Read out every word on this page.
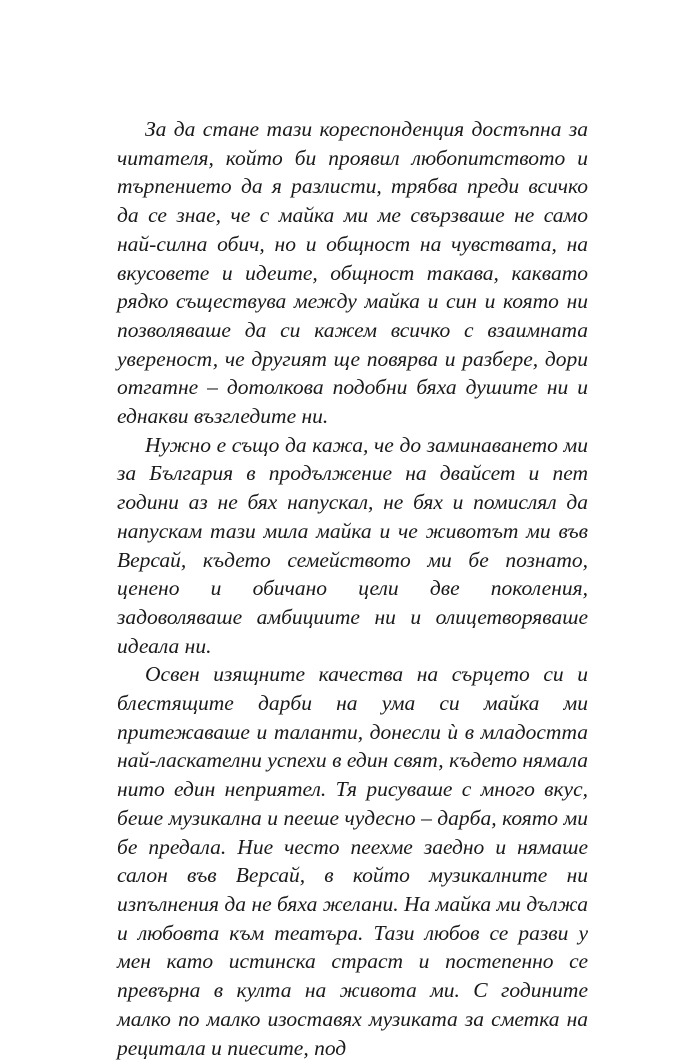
За да стане тази кореспонденция достъпна за читателя, който би проявил любопитството и търпението да я разлисти, трябва преди всичко да се знае, че с майка ми ме свързваше не само най-силна обич, но и общност на чувствата, на вкусовете и идеите, общност такава, каквато рядко съществува между майка и син и която ни позволяваше да си кажем всичко с взаимната увереност, че другият ще повярва и разбере, дори отгатне – дотолкова подобни бяха душите ни и еднакви възгледите ни.

Нужно е също да кажа, че до заминаването ми за България в продължение на двайсет и пет години аз не бях напускал, не бях и помислял да напускам тази мила майка и че животът ми във Версай, където семейството ми бе познато, ценено и обичано цели две поколения, задоволяваше амбициите ни и олицетворяваше идеала ни.

Освен изящните качества на сърцето си и блестящите дарби на ума си майка ми притежаваше и таланти, донесли ѝ в младостта най-ласкателни успехи в един свят, където нямала нито един неприятел. Тя рисуваше с много вкус, беше музикална и пееше чудесно – дарба, която ми бе предала. Ние често пеехме заедно и нямаше салон във Версай, в който музикалните ни изпълнения да не бяха желани. На майка ми дължа и любовта към театъра. Тази любов се разви у мен като истинска страст и постепенно се превърна в култа на живота ми. С годините малко по малко изоставях музиката за сметка на рецитала и пиесите, под
